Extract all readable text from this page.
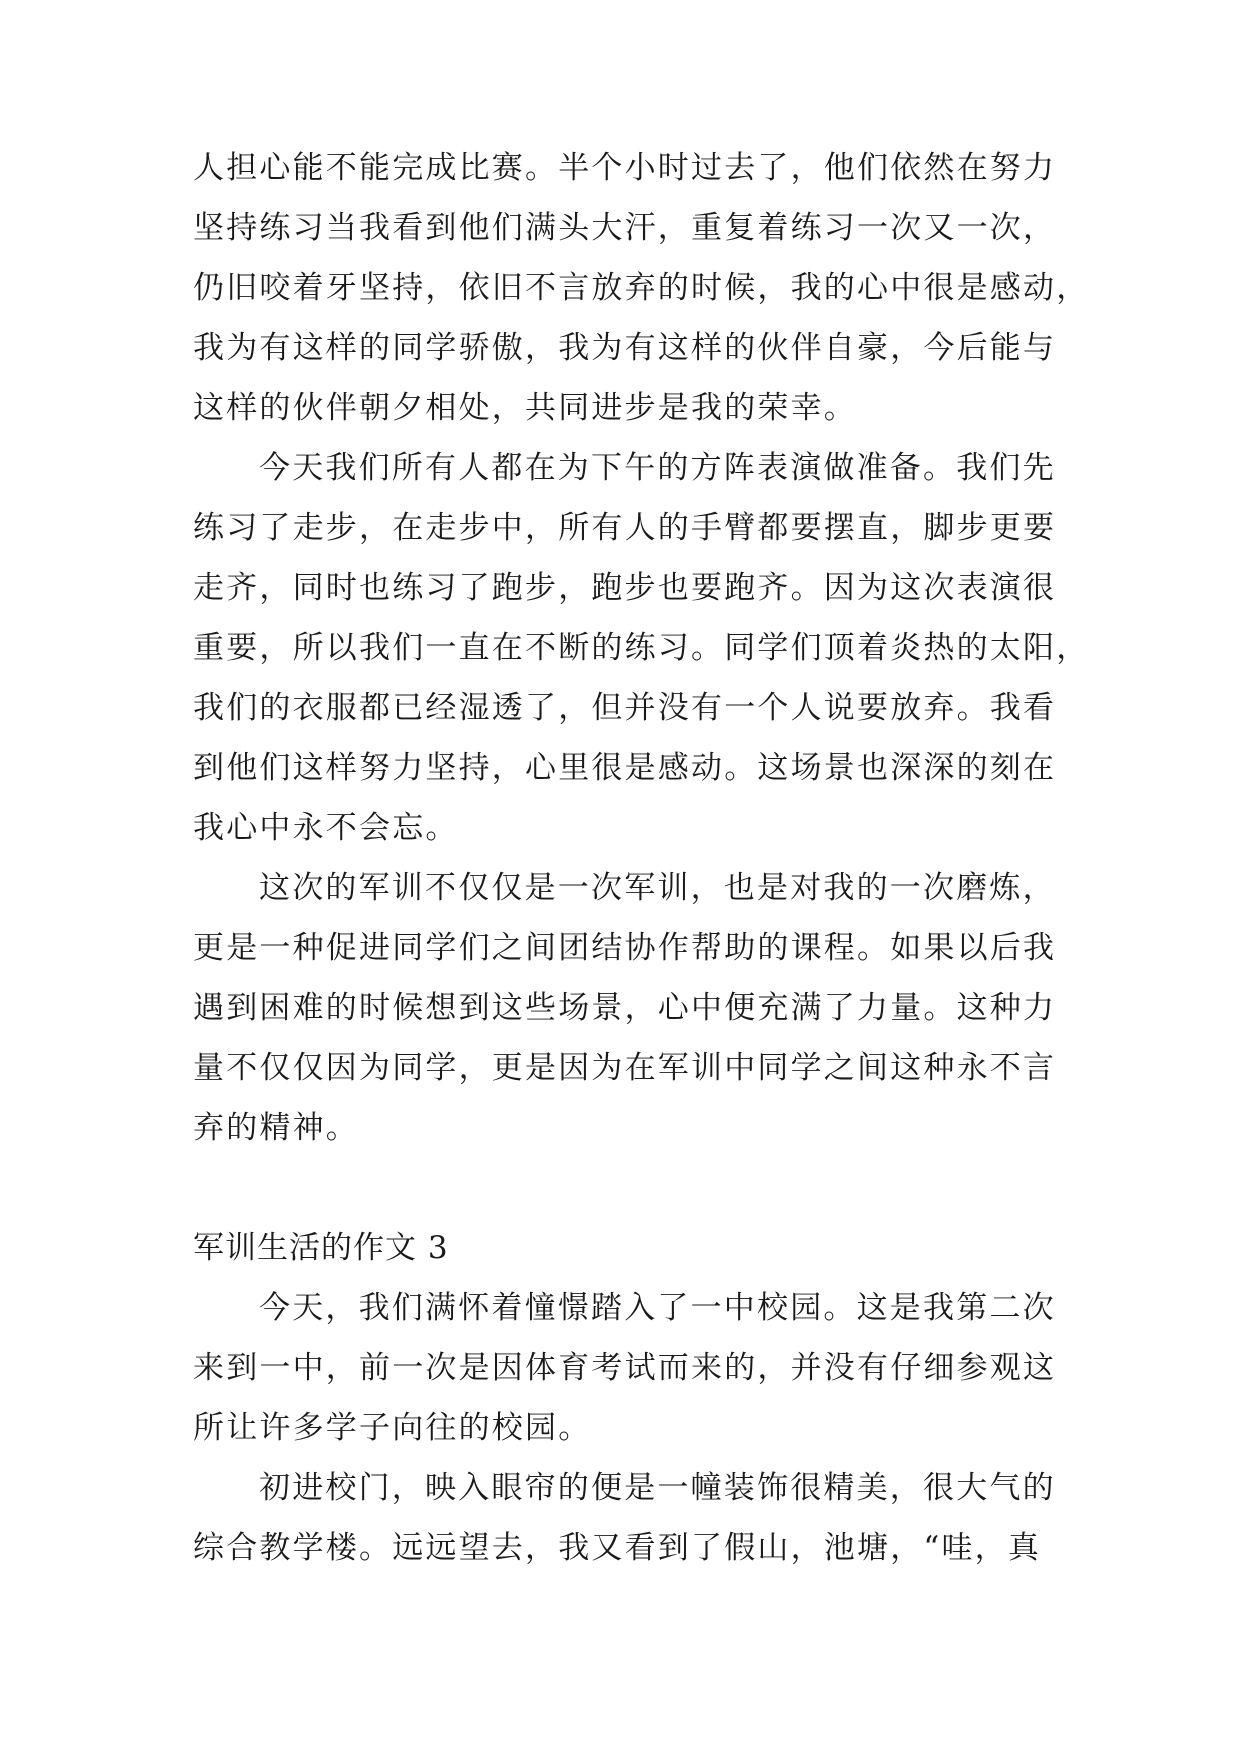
人担心能不能完成比赛。半个小时过去了，他们依然在努力
坚持练习当我看到他们满头大汗，重复着练习一次又一次，
仍旧咬着牙坚持，依旧不言放弃的时候，我的心中很是感动，
我为有这样的同学骄傲，我为有这样的伙伴自豪，今后能与
这样的伙伴朝夕相处，共同进步是我的荣幸。
今天我们所有人都在为下午的方阵表演做准备。我们先
练习了走步，在走步中，所有人的手臂都要摆直，脚步更要
走齐，同时也练习了跑步，跑步也要跑齐。因为这次表演很
重要，所以我们一直在不断的练习。同学们顶着炎热的太阳，
我们的衣服都已经湿透了，但并没有一个人说要放弃。我看
到他们这样努力坚持，心里很是感动。这场景也深深的刻在
我心中永不会忘。
这次的军训不仅仅是一次军训，也是对我的一次磨炼，
更是一种促进同学们之间团结协作帮助的课程。如果以后我
遇到困难的时候想到这些场景，心中便充满了力量。这种力
量不仅仅因为同学，更是因为在军训中同学之间这种永不言
弃的精神。
军训生活的作文 3
今天，我们满怀着憧憬踏入了一中校园。这是我第二次
来到一中，前一次是因体育考试而来的，并没有仔细参观这
所让许多学子向往的校园。
初进校门，映入眼帘的便是一幢装饰很精美，很大气的
综合教学楼。远远望去，我又看到了假山，池塘，“哇，真
